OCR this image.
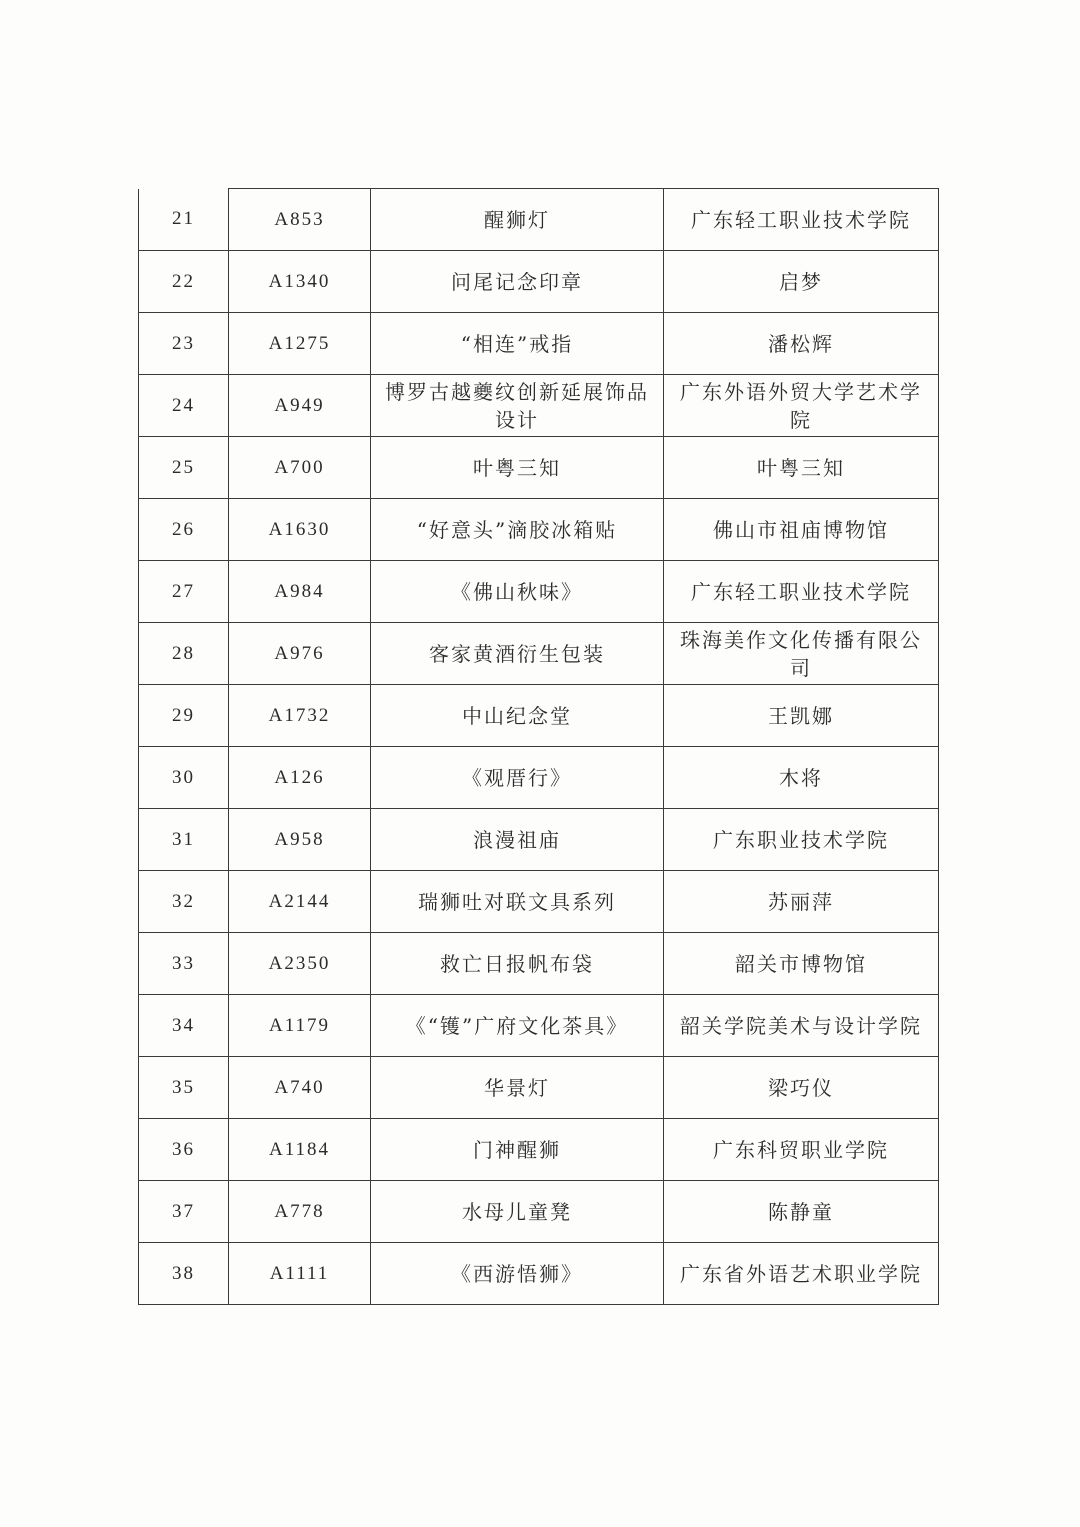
21	A853	醒狮灯	广东轻工职业技术学院
22	A1340	问尾记念印章	启梦
23	A1275	“相连”戒指	潘松辉
24	A949	博罗古越夔纹创新延展饰品设计	广东外语外贸大学艺术学院
25	A700	叶粤三知	叶粤三知
26	A1630	“好意头”滴胶冰箱贴	佛山市祖庙博物馆
27	A984	《佛山秋味》	广东轻工职业技术学院
28	A976	客家黄酒衍生包装	珠海美作文化传播有限公司
29	A1732	中山纪念堂	王凯娜
30	A126	《观厝行》	木将
31	A958	浪漫祖庙	广东职业技术学院
32	A2144	瑞狮吐对联文具系列	苏丽萍
33	A2350	救亡日报帆布袋	韶关市博物馆
34	A1179	《“镬”广府文化茶具》	韶关学院美术与设计学院
35	A740	华景灯	梁巧仪
36	A1184	门神醒狮	广东科贸职业学院
37	A778	水母儿童凳	陈静童
38	A1111	《西游悟狮》	广东省外语艺术职业学院
